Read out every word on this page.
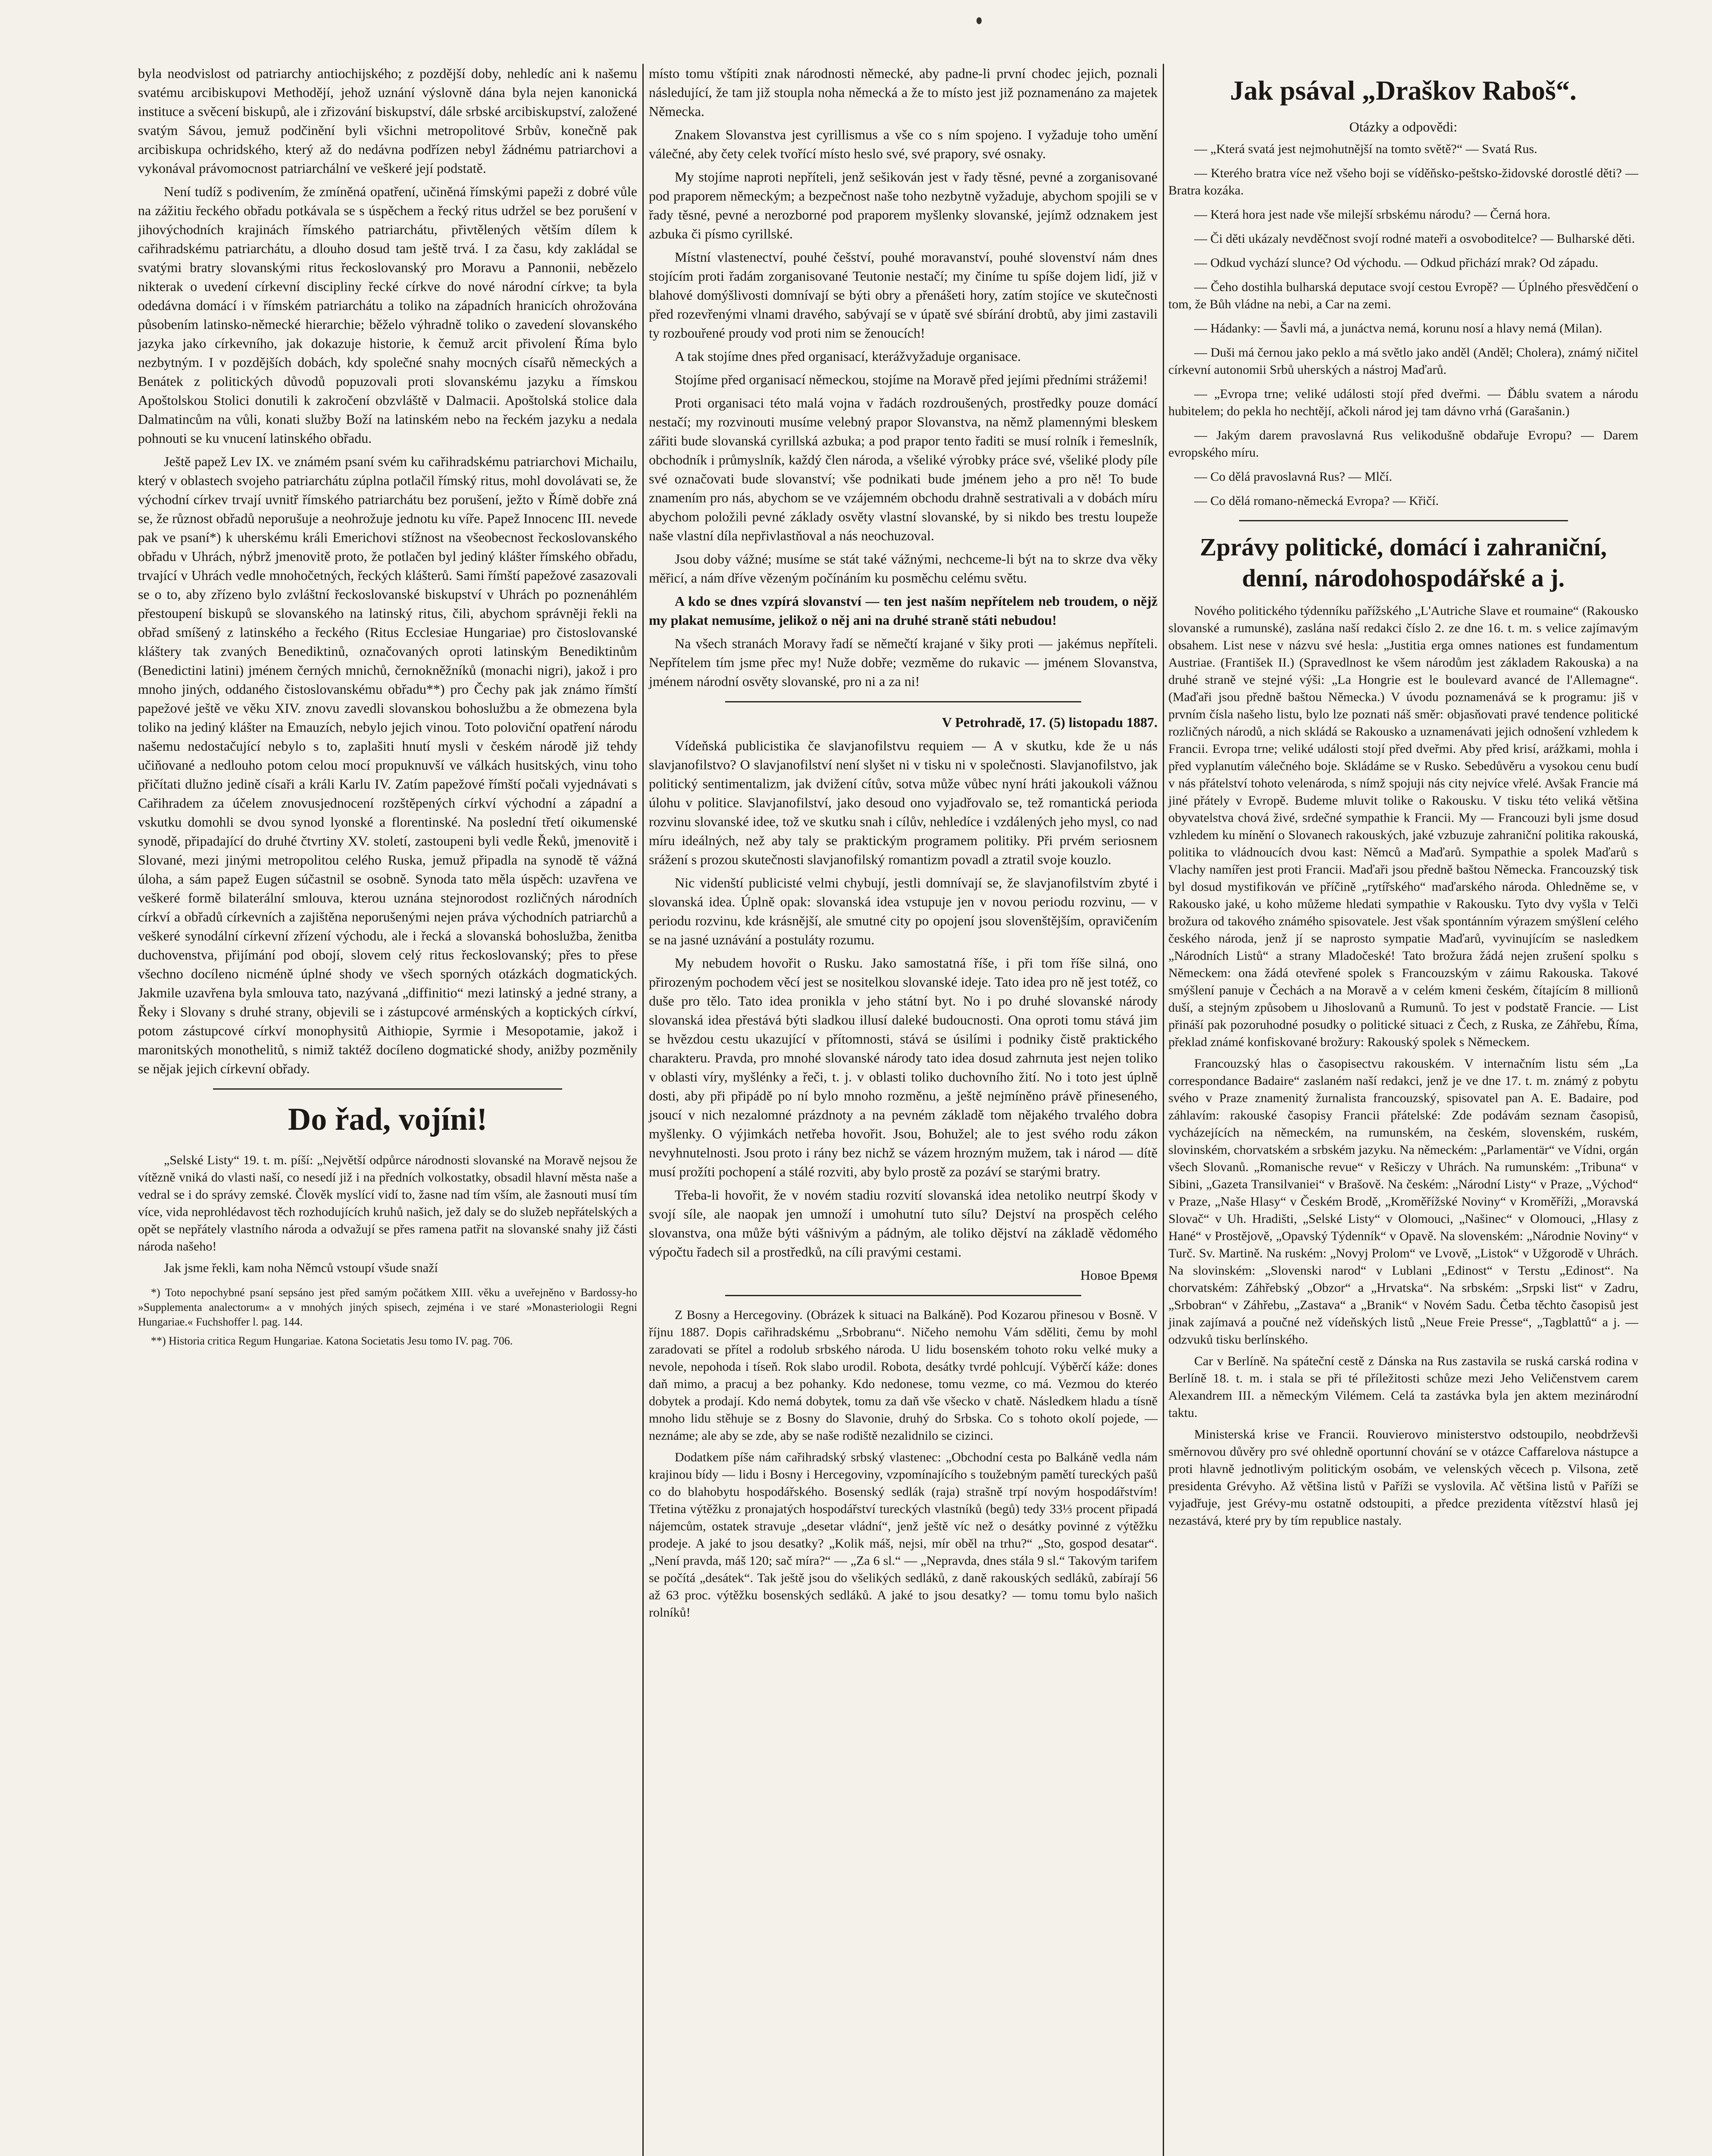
byla neodvislost od patriarchy antiochijského; z pozdější doby, nehledíc ani k našemu svatému arcibiskupovi Methodějí, jehož uznání výslovně dána byla nejen kanonická instituce a svěcení biskupů, ale i zřizování biskupství, dále srbské arcibiskupství, založené svatým Sávou, jemuž podčinění byli všichni metropolitové Srbův, konečně pak arcibiskupa ochridského, který až do nedávna podřízen nebyl žádnému patriarchovi a vykonával právomocnost patriarchální ve veškeré její podstatě.

Není tudíž s podivením, že zmíněná opatření, učiněná římskými papeži z dobré vůle na zážitiu řeckého obřadu potkávala se s úspěchem a řecký ritus udržel se bez porušení v jihovýchodních krajinách římského patriarchátu, přivtělených větším dílem k cařihradskému patriarchátu, a dlouho dosud tam ještě trvá. I za času, kdy zakládal se svatými bratry slovanskými ritus řeckoslovanský pro Moravu a Pannonii, nebězelo nikterak o uvedení církevní discipliny řecké církve do nové národní církve; ta byla odedávna domácí i v římském patriarchátu a toliko na západních hranicích ohrožována působením latinsko-německé hierarchie; běželo výhradně toliko o zavedení slovanského jazyka jako církevního, jak dokazuje historie, k čemuž arcit přivolení Říma bylo nezbytným. I v pozdějších dobách, kdy společné snahy mocných císařů německých a Benátek z politických důvodů popuzovali proti slovanskému jazyku a římskou Apoštolskou Stolici donutili k zakročení obzvláště v Dalmacii. Apoštolská stolice dala Dalmatincům na vůli, konati služby Boží na latinském nebo na řeckém jazyku a nedala pohnouti se ku vnucení latinského obřadu.

Ještě papež Lev IX. ve známém psaní svém ku cařihradskému patriarchovi Michailu, který v oblastech svojeho patriarchátu zúplna potlačil římský ritus, mohl dovolávati se, že východní církev trvají uvnitř římského patriarchátu bez porušení, ježto v Římě dobře zná se, že různost obřadů neporušuje a neohrožuje jednotu ku víře. Papež Innocenc III. nevede pak ve psaní*) k uherskému králi Emerichovi stížnost na všeobecnost řeckoslovanského obřadu v Uhrách, nýbrž jmenovitě proto, že potlačen byl jediný klášter římského obřadu, trvající v Uhrách vedle mnohočetných, řeckých klášterů. Sami římští papežové zasazovali se o to, aby zřízeno bylo zvláštní řeckoslovanské biskupství v Uhrách po poznenáhlém přestoupení biskupů se slovanského na latinský ritus, čili, abychom správněji řekli na obřad smíšený z latinského a řeckého (Ritus Ecclesiae Hungariae) pro čistoslovanské kláštery tak zvaných Benediktinů, označovaných oproti latinským Benediktinům (Benedictini latini) jménem černých mnichů, černokněžníků (monachi nigri), jakož i pro mnoho jiných, oddaného čistoslovanskému obřadu**) pro Čechy pak jak známo římští papežové ještě ve věku XIV. znovu zavedli slovanskou bohoslužbu a že obmezena byla toliko na jediný klášter na Emauzích, nebylo jejich vinou. Toto poloviční opatření národu našemu nedostačující nebylo s to, zaplašiti hnutí mysli v českém národě již tehdy učiňované a nedlouho potom celou mocí propuknuvší ve válkách husitských, vinu toho přičítati dlužno jedině císaři a králi Karlu IV. Zatím papežové římští počali vyjednávati s Cařihradem za účelem znovusjednocení rozštěpených církví východní a západní a vskutku domohli se dvou synod lyonské a florentinské. Na poslední třetí oikumenské synodě, připadající do druhé čtvrtiny XV. století, zastoupeni byli vedle Řeků, jmenovitě i Slované, mezi jinými metropolitou celého Ruska, jemuž připadla na synodě tě vážná úloha, a sám papež Eugen súčastnil se osobně. Synoda tato měla úspěch: uzavřena ve veškeré formě bilaterální smlouva, kterou uznána stejnorodost rozličných národních církví a obřadů církevních a zajištěna neporušenými nejen práva východních patriarchů a veškeré synodální církevní zřízení východu, ale i řecká a slovanská bohoslužba, ženitba duchovenstva, přijímání pod obojí, slovem celý ritus řeckoslovanský; přes to přese všechno docíleno nicméně úplné shody ve všech sporných otázkách dogmatických. Jakmile uzavřena byla smlouva tato, nazývaná „diffinitio“ mezi latinský a jedné strany, a Řeky i Slovany s druhé strany, objevili se i zástupcové arménských a koptických církví, potom zástupcové církví monophysitů Aithiopie, Syrmie i Mesopotamie, jakož i maronitských monothelitů, s nimiž taktéž docíleno dogmatické shody, anižby pozměnily se nějak jejich církevní obřady.

Do řad, vojíni!

„Selské Listy“ 19. t. m. píší: „Největší odpůrce národnosti slovanské na Moravě nejsou že vítězně vniká do vlasti naší, co nesedí již i na předních volkostatky, obsadil hlavní města naše a vedral se i do správy zemské. Člověk myslící vidí to, žasne nad tím vším, ale žasnouti musí tím více, vida neprohlédavost těch rozhodujících kruhů našich, jež daly se do služeb nepřátelských a opět se nepřátely vlastního národa a odvažují se přes ramena patřit na slovanské snahy již části národa našeho!

Jak jsme řekli, kam noha Němců vstoupí všude snaží

*) Toto nepochybné psaní sepsáno jest před samým počátkem XIII. věku a uveřejněno v Bardossy-ho »Supplementa analectorum« a v mnohých jiných spisech, zejména i ve staré »Monasteriologii Regni Hungariae.« Fuchshoffer l. pag. 144.

**) Historia critica Regum Hungariae. Katona Societatis Jesu tomo IV. pag. 706.

místo tomu vštípiti znak národnosti německé, aby padne-li první chodec jejich, poznali následující, že tam již stoupla noha německá a že to místo jest již poznamenáno za majetek Německa.

Znakem Slovanstva jest cyrillismus a vše co s ním spojeno. I vyžaduje toho umění válečné, aby čety celek tvořící místo heslo své, své prapory, své osnaky.

My stojíme naproti nepříteli, jenž sešikován jest v řady těsné, pevné a zorganisované pod praporem německým; a bezpečnost naše toho nezbytně vyžaduje, abychom spojili se v řady těsné, pevné a nerozborné pod praporem myšlenky slovanské, jejímž odznakem jest azbuka či písmo cyrillské.

Místní vlastenectví, pouhé češství, pouhé moravanství, pouhé slovenství nám dnes stojícím proti řadám zorganisované Teutonie nestačí; my činíme tu spíše dojem lidí, již v blahové domýšlivosti domnívají se býti obry a přenášeti hory, zatím stojíce ve skutečnosti před rozevřenými vlnami dravého, sabývají se v úpatě své sbírání drobtů, aby jimi zastavili ty rozbouřené proudy vod proti nim se ženoucích!

A tak stojíme dnes před organisací, kterážvyžaduje organisace.

Stojíme před organisací německou, stojíme na Moravě před jejími předními strážemi!

Proti organisaci této malá vojna v řadách rozdroušených, prostředky pouze domácí nestačí; my rozvinouti musíme velebný prapor Slovanstva, na němž plamennými bleskem zářiti bude slovanská cyrillská azbuka; a pod prapor tento řaditi se musí rolník i řemeslník, obchodník i průmyslník, každý člen národa, a všeliké výrobky práce své, všeliké plody píle své označovati bude slovanství; vše podnikati bude jménem jeho a pro ně! To bude znamením pro nás, abychom se ve vzájemném obchodu drahně sestrativali a v dobách míru abychom položili pevné základy osvěty vlastní slovanské, by si nikdo bes trestu loupeže naše vlastní díla nepřivlastňoval a nás neochuzoval.

Jsou doby vážné; musíme se stát také vážnými, nechceme-li být na to skrze dva věky měřicí, a nám dříve vězeným počínáním ku posměchu celému světu.

A kdo se dnes vzpírá slovanství — ten jest naším nepřítelem neb troudem, o nějž my plakat nemusíme, jelikož o něj ani na druhé straně státi nebudou!

Na všech stranách Moravy řadí se němečtí krajané v šiky proti — jakémus nepříteli. Nepřítelem tím jsme přec my! Nuže dobře; vezměme do rukavic — jménem Slovanstva, jménem národní osvěty slovanské, pro ni a za ni!

V Petrohradě, 17. (5) listopadu 1887.

Vídeňská publicistika če slavjanofilstvu requiem — A v skutku, kde že u nás slavjanofilstvo? O slavjanofilství není slyšet ni v tisku ni v společnosti. Slavjanofilstvo, jak politický sentimentalizm, jak dvižení cítův, sotva může vůbec nyní hráti jakoukoli vážnou úlohu v politice. Slavjanofilství, jako desoud ono vyjadřovalo se, tež romantická perioda rozvinu slovanské idee, tož ve skutku snah i cílův, nehledíce i vzdálených jeho mysl, co nad míru ideálných, než aby taly se praktickým programem politiky. Při prvém seriosnem srážení s prozou skutečnosti slavjanofilský romantizm povadl a ztratil svoje kouzlo.

Nic videnští publicisté velmi chybují, jestli domnívají se, že slavjanofilstvím zbyté i slovanská idea. Úplně opak: slovanská idea vstupuje jen v novou periodu rozvinu, — v periodu rozvinu, kde krásnější, ale smutné city po opojení jsou slovenštějším, opravičením se na jasné uznávání a postuláty rozumu.

My nebudem hovořit o Rusku. Jako samostatná říše, i při tom říše silná, ono přirozeným pochodem věcí jest se nositelkou slovanské ideje. Tato idea pro ně jest totéž, co duše pro tělo. Tato idea pronikla v jeho státní byt. No i po druhé slovanské národy slovanská idea přestává býti sladkou illusí daleké budoucnosti. Ona oproti tomu stává jim se hvězdou cestu ukazující v přítomnosti, stává se úsilími i podniky čistě praktického charakteru. Pravda, pro mnohé slovanské národy tato idea dosud zahrnuta jest nejen toliko v oblasti víry, myšlénky a řeči, t. j. v oblasti toliko duchovního žití. No i toto jest úplně dosti, aby při připádě po ní bylo mnoho rozměnu, a ještě nejmíněno právě přineseného, jsoucí v nich nezalomné prázdnoty a na pevném základě tom nějakého trvalého dobra myšlenky. O výjimkách netřeba hovořit. Jsou, Bohužel; ale to jest svého rodu zákon nevyhnutelnosti. Jsou proto i rány bez nichž se vázem hrozným mužem, tak i národ — dítě musí prožíti pochopení a stálé rozviti, aby bylo prostě za pozáví se starými bratry.

Třeba-li hovořit, že v novém stadiu rozvití slovanská idea netoliko neutrpí škody v svojí síle, ale naopak jen umnoží i umohutní tuto sílu? Dejství na prospěch celého slovanstva, ona může býti vášnivým a pádným, ale toliko dějství na základě vědomého výpočtu řadech sil a prostředků, na cíli pravými cestami.

Новое Время

Z Bosny a Hercegoviny. (Obrázek k situaci na Balkáně). Pod Kozarou přinesou v Bosně. V říjnu 1887. Dopis cařihradskému „Srbobranu“. Ničeho nemohu Vám sděliti, čemu by mohl zaradovati se přítel a rodolub srbského národa. U lidu bosenském tohoto roku velké muky a nevole, nepohoda i tíseň. Rok slabo urodil. Robota, desátky tvrdé pohlcují. Výběrčí káže: dones daň mimo, a pracuj a bez pohanky. Kdo nedonese, tomu vezme, co má. Vezmou do kteréo dobytek a prodají. Kdo nemá dobytek, tomu za daň vše všecko v chatě. Následkem hladu a tísně mnoho lidu stěhuje se z Bosny do Slavonie, druhý do Srbska. Co s tohoto okolí pojede, — neznáme; ale aby se zde, aby se naše rodiště nezalidnilo se cizinci.

Dodatkem píše nám cařihradský srbský vlastenec: „Obchodní cesta po Balkáně vedla nám krajinou bídy — lidu i Bosny i Hercegoviny, vzpomínajícího s toužebným pamětí tureckých pašů co do blahobytu hospodářského. Bosenský sedlák (raja) strašně trpí novým hospodářstvím! Třetina výtěžku z pronajatých hospodářství tureckých vlastníků (begů) tedy 33⅓ procent připadá nájemcům, ostatek stravuje „desetar vládní“, jenž ještě víc než o desátky povinné z výtěžku prodeje. A jaké to jsou desatky? „Kolik máš, nejsi, mír oběl na trhu?“ „Sto, gospod desatar“. „Není pravda, máš 120; sač míra?“ — „Za 6 sl.“ — „Nepravda, dnes stála 9 sl.“ Takovým tarifem se počítá „desátek“. Tak ještě jsou do všelikých sedláků, z daně rakouských sedláků, zabírají 56 až 63 proc. výtěžku bosenských sedláků. A jaké to jsou desatky? — tomu tomu bylo našich rolníků!

Jak psával „Draškov Raboš“.

Otázky a odpovědi:

— „Která svatá jest nejmohutnější na tomto světě?“ — Svatá Rus.

— Kterého bratra více než všeho boji se víděňsko-peštsko-židovské dorostlé děti? — Bratra kozáka.

— Která hora jest nade vše milejší srbskému národu? — Černá hora.

— Či děti ukázaly nevděčnost svojí rodné mateři a osvoboditelce? — Bulharské děti.

— Odkud vychází slunce? Od východu. — Odkud přichází mrak? Od západu.

— Čeho dostihla bulharská deputace svojí cestou Evropě? — Úplného přesvědčení o tom, že Bůh vládne na nebi, a Car na zemi.

— Hádanky: — Šavli má, a junáctva nemá, korunu nosí a hlavy nemá (Milan).

— Duši má černou jako peklo a má světlo jako anděl (Anděl; Cholera), známý ničitel církevní autonomii Srbů uherských a nástroj Maďarů.

— „Evropa trne; veliké události stojí před dveřmi. — Ďáblu svatem a národu hubitelem; do pekla ho nechtějí, ačkoli národ jej tam dávno vrhá (Garašanin.)

— Jakým darem pravoslavná Rus velikodušně obdařuje Evropu? — Darem evropského míru.

— Co dělá pravoslavná Rus? — Mlčí.

— Co dělá romano-německá Evropa? — Křičí.

Zprávy politické, domácí i zahraniční, denní, národohospodářské a j.

Nového politického týdenníku pařížského „L'Autriche Slave et roumaine“ (Rakousko slovanské a rumunské), zaslána naší redakci číslo 2. ze dne 16. t. m. s velice zajímavým obsahem. List nese v názvu své hesla: „Justitia erga omnes nationes est fundamentum Austriae. (František II.) (Spravedlnost ke všem národům jest základem Rakouska) a na druhé straně ve stejné výši: „La Hongrie est le boulevard avancé de l'Allemagne“. (Maďaři jsou předně baštou Německa.) V úvodu poznamenává se k programu: jiš v prvním čísla našeho listu, bylo lze poznati náš směr: objasňovati pravé tendence politické rozličných národů, a nich skládá se Rakousko a uznamenávati jejich odnošení vzhledem k Francii. Evropa trne; veliké události stojí před dveřmi. Aby před krisí, arážkami, mohla i před vyplanutím válečného boje. Skládáme se v Rusko. Sebedůvěru a vysokou cenu budí v nás přátelství tohoto velenároda, s nímž spojuji nás city nejvíce vřelé. Avšak Francie má jiné přátely v Evropě. Budeme mluvit tolike o Rakousku. V tisku této veliká většina obyvatelstva chová živé, srdečné sympathie k Francii. My — Francouzi byli jsme dosud vzhledem ku mínění o Slovanech rakouských, jaké vzbuzuje zahraniční politika rakouská, politika to vládnoucích dvou kast: Němců a Maďarů. Sympathie a spolek Maďarů s Vlachy namířen jest proti Francii. Maďaři jsou předně baštou Německa. Francouzský tisk byl dosud mystifikován ve příčině „rytířského“ maďarského národa. Ohledněme se, v Rakousko jaké, u koho můžeme hledati sympathie v Rakousku. Tyto dvy vyšla v Telči brožura od takového známého spisovatele. Jest však spontánním výrazem smýšlení celého českého národa, jenž jí se naprosto sympatie Maďarů, vyvinujícím se nasledkem „Národních Listů“ a strany Mladočeské! Tato brožura žádá nejen zrušení spolku s Německem: ona žádá otevřené spolek s Francouzským v záimu Rakouska. Takové smýšlení panuje v Čechách a na Moravě a v celém kmeni českém, čítajícím 8 millionů duší, a stejným způsobem u Jihoslovanů a Rumunů. To jest v podstatě Francie. — List přináší pak pozoruhodné posudky o politické situaci z Čech, z Ruska, ze Záhřebu, Říma, překlad známé konfiskované brožury: Rakouský spolek s Německem.

Francouzský hlas o časopisectvu rakouském. V internačním listu sém „La correspondance Badaire“ zaslaném naší redakci, jenž je ve dne 17. t. m. známý z pobytu svého v Praze znamenitý žurnalista francouzský, spisovatel pan A. E. Badaire, pod záhlavím: rakouské časopisy Francii přátelské: Zde podávám seznam časopisů, vycházejících na německém, na rumunském, na českém, slovenském, ruském, slovinském, chorvatském a srbském jazyku. Na německém: „Parlamentär“ ve Vídni, orgán všech Slovanů. „Romanische revue“ v Rešiczy v Uhrách. Na rumunském: „Tribuna“ v Sibini, „Gazeta Transilvaniei“ v Brašově. Na českém: „Národní Listy“ v Praze, „Východ“ v Praze, „Naše Hlasy“ v Českém Brodě, „Kroměřížské Noviny“ v Kroměříži, „Moravská Slovač“ v Uh. Hradišti, „Selské Listy“ v Olomouci, „Našinec“ v Olomouci, „Hlasy z Hané“ v Prostějově, „Opavský Týdenník“ v Opavě. Na slovenském: „Národnie Noviny“ v Turč. Sv. Martině. Na ruském: „Novyj Prolom“ ve Lvově, „Listok“ v Užgorodě v Uhrách. Na slovinském: „Slovenski narod“ v Lublani „Edinost“ v Terstu „Edinost“. Na chorvatském: Záhřebský „Obzor“ a „Hrvatska“. Na srbském: „Srpski list“ v Zadru, „Srbobran“ v Záhřebu, „Zastava“ a „Branik“ v Novém Sadu. Četba těchto časopisů jest jinak zajímavá a poučné než vídeňských listů „Neue Freie Presse“, „Tagblattů“ a j. — odzvuků tisku berlínského.

Car v Berlíně. Na spáteční cestě z Dánska na Rus zastavila se ruská carská rodina v Berlíně 18. t. m. i stala se při té příležitosti schůze mezi Jeho Veličenstvem carem Alexandrem III. a německým Vilémem. Celá ta zastávka byla jen aktem mezinárodní taktu.

Ministerská krise ve Francii. Rouvierovo ministerstvo odstoupilo, neobdrževši směrnovou důvěry pro své ohledně oportunní chování se v otázce Caffarelova nástupce a proti hlavně jednotlivým politickým osobám, ve velenských věcech p. Vilsona, zetě presidenta Grévyho. Až většina listů v Paříži se vyslovila. Ač většina listů v Paříži se vyjadřuje, jest Grévy-mu ostatně odstoupiti, a předce prezidenta vítězství hlasů jej nezastává, které pry by tím republice nastaly.
